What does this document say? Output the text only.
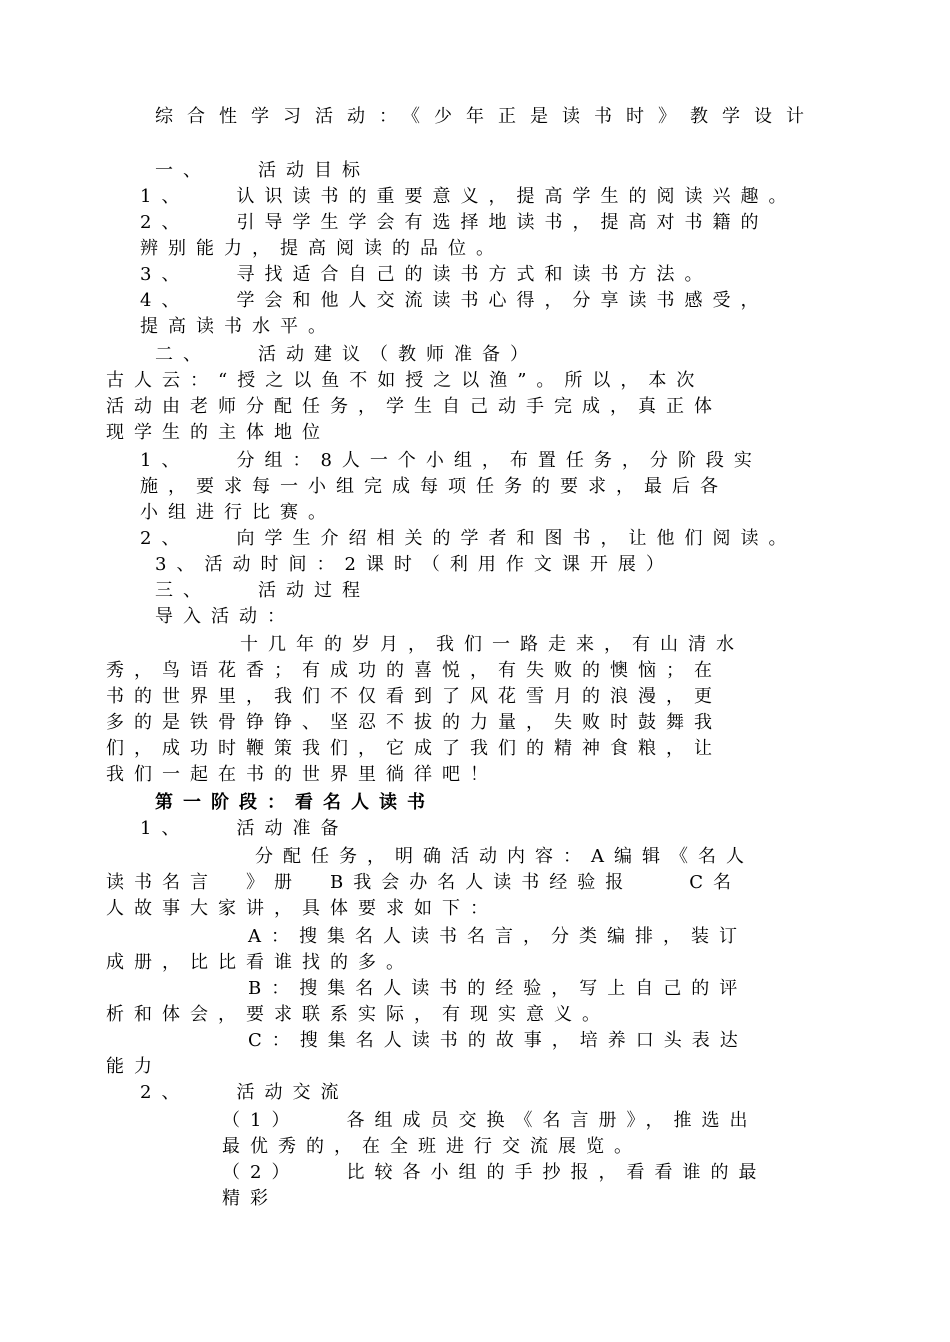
综合性学习活动：《少年正是读书时》教学设计
一、　　活动目标
1、　　认识读书的重要意义，提高学生的阅读兴趣。
2、　　引导学生学会有选择地读书，提高对书籍的
辨别能力，提高阅读的品位。
3、　　寻找适合自己的读书方式和读书方法。
4、　　学会和他人交流读书心得，分享读书感受，
提高读书水平。
二、　　活动建议（教师准备）
古人云：“授之以鱼不如授之以渔”。所以，本次
活动由老师分配任务，学生自己动手完成，真正体
现学生的主体地位
1、　　分组：8人一个小组，布置任务，分阶段实
施，要求每一小组完成每项任务的要求，最后各
小组进行比赛。
2、　　向学生介绍相关的学者和图书，让他们阅读。
3、活动时间：2课时（利用作文课开展）
三、　　活动过程
导入活动：
十几年的岁月，我们一路走来，有山清水
秀，鸟语花香；有成功的喜悦，有失败的懊恼；在
书的世界里，我们不仅看到了风花雪月的浪漫，更
多的是铁骨铮铮、坚忍不拔的力量，失败时鼓舞我
们，成功时鞭策我们，它成了我们的精神食粮，让
我们一起在书的世界里徜徉吧！
第一阶段：看名人读书
1、　　活动准备
分配任务，明确活动内容：A编辑《名人
读书名言　》册　B我会办名人读书经验报　　C名
人故事大家讲，具体要求如下：
A：搜集名人读书名言，分类编排，装订
成册，比比看谁找的多。
B：搜集名人读书的经验，写上自己的评
析和体会，要求联系实际，有现实意义。
C：搜集名人读书的故事，培养口头表达
能力
2、　　活动交流
（1）　　各组成员交换《名言册》，推选出
最优秀的，在全班进行交流展览。
（2）　　比较各小组的手抄报，看看谁的最
精彩
